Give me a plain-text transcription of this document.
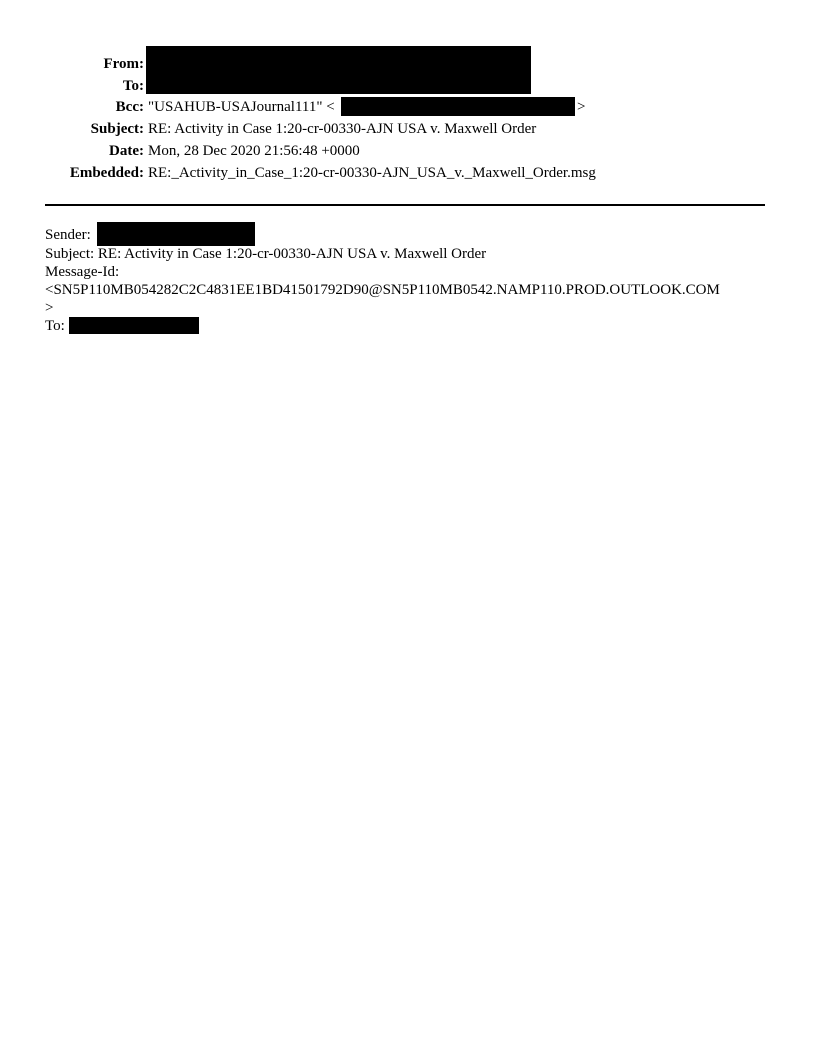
From:
To:
Bcc: "USAHUB-USAJournal111" <	>
Subject: RE: Activity in Case 1:20-cr-00330-AJN USA v. Maxwell Order
Date: Mon, 28 Dec 2020 21:56:48 +0000
Embedded: RE:_Activity_in_Case_1:20-cr-00330-AJN_USA_v._Maxwell_Order.msg
Sender:
Subject: RE: Activity in Case 1:20-cr-00330-AJN USA v. Maxwell Order
Message-Id:
<SN5P110MB054282C2C4831EE1BD41501792D90@SN5P110MB0542.NAMP110.PROD.OUTLOOK.COM
>
To:
